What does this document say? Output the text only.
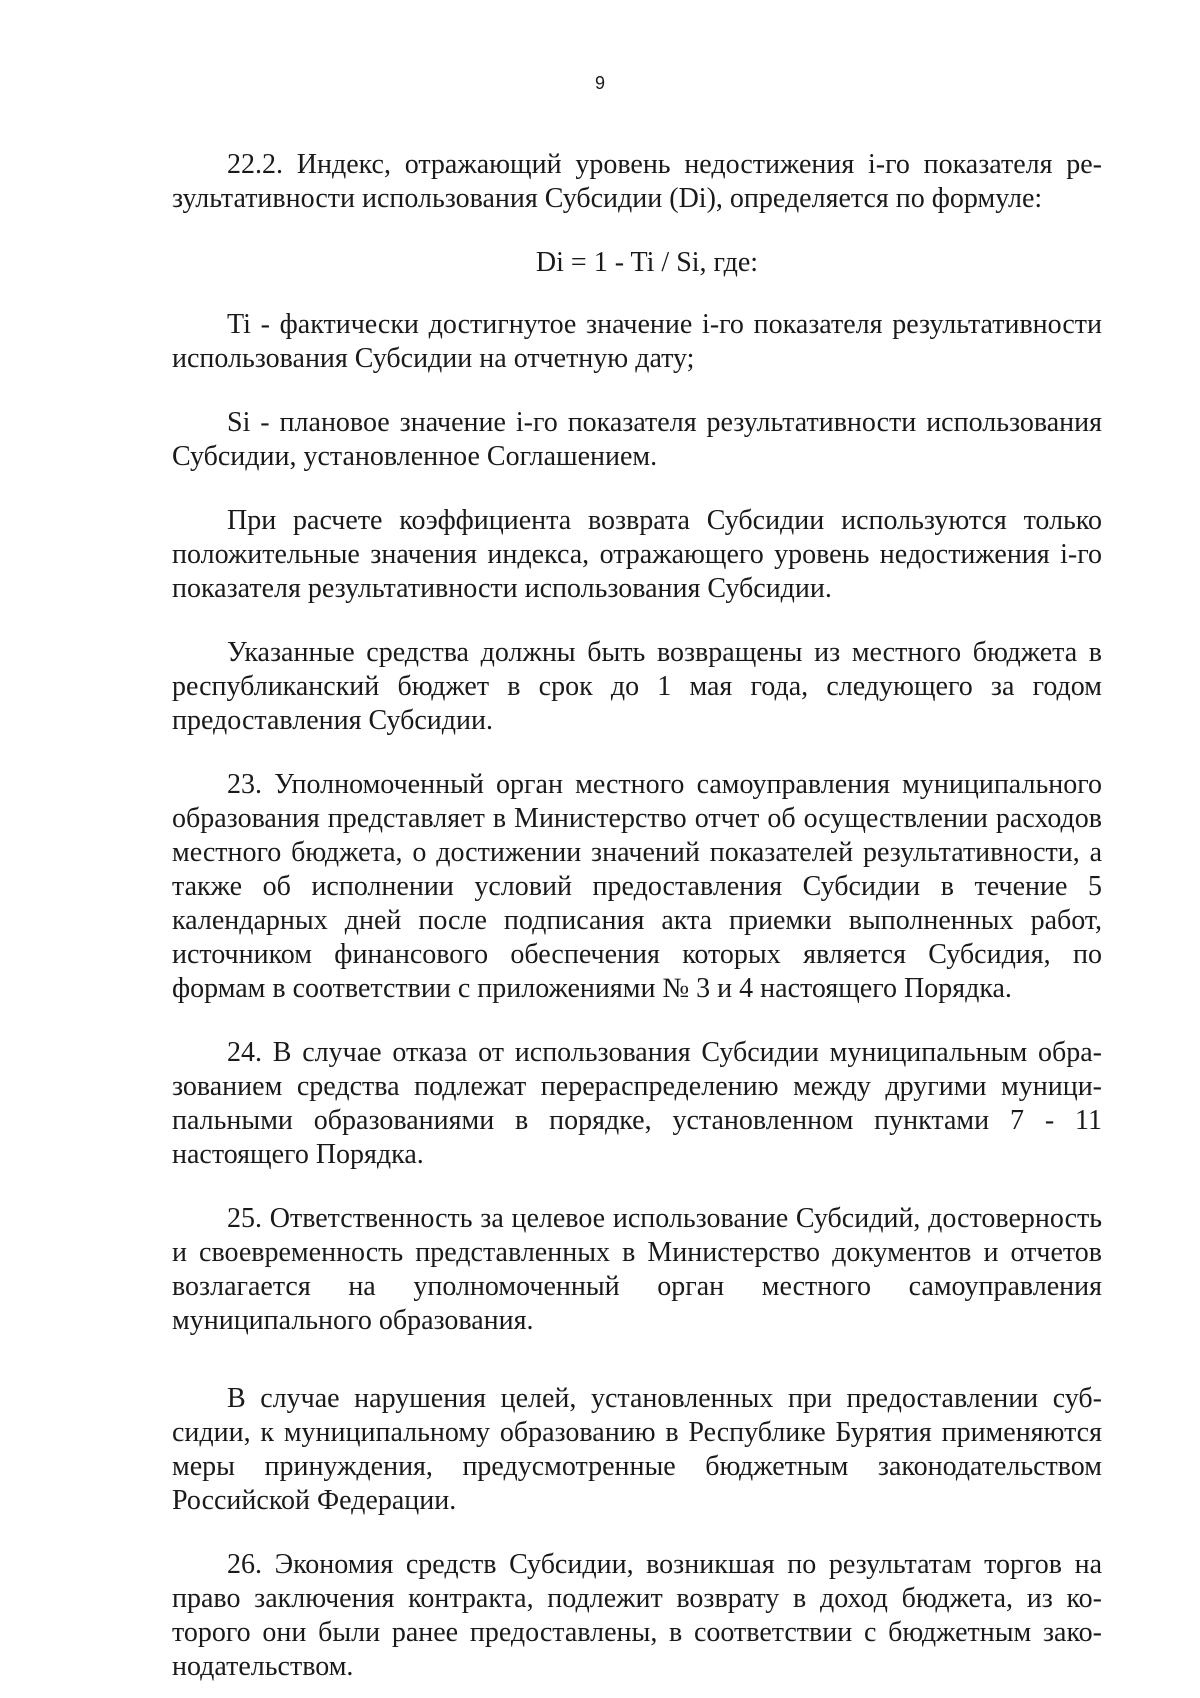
9

22.2. Индекс, отражающий уровень недостижения i-го показателя результативности использования Субсидии (Di), определяется по формуле:

Di = 1 - Ti / Si, где:

Ti - фактически достигнутое значение i-го показателя результативности использования Субсидии на отчетную дату;

Si - плановое значение i-го показателя результативности использования Субсидии, установленное Соглашением.

При расчете коэффициента возврата Субсидии используются только положительные значения индекса, отражающего уровень недостижения i-го показателя результативности использования Субсидии.

Указанные средства должны быть возвращены из местного бюджета в республиканский бюджет в срок до 1 мая года, следующего за годом предоставления Субсидии.

23. Уполномоченный орган местного самоуправления муниципального образования представляет в Министерство отчет об осуществлении расходов местного бюджета, о достижении значений показателей результативности, а также об исполнении условий предоставления Субсидии в течение 5 календарных дней после подписания акта приемки выполненных работ, источником финансового обеспечения которых является Субсидия, по формам в соответствии с приложениями № 3 и 4 настоящего Порядка.

24. В случае отказа от использования Субсидии муниципальным образованием средства подлежат перераспределению между другими муниципальными образованиями в порядке, установленном пунктами 7 - 11 настоящего Порядка.

25. Ответственность за целевое использование Субсидий, достоверность и своевременность представленных в Министерство документов и отчетов возлагается на уполномоченный орган местного самоуправления муниципального образования.

В случае нарушения целей, установленных при предоставлении субсидии, к муниципальному образованию в Республике Бурятия применяются меры принуждения, предусмотренные бюджетным законодательством Российской Федерации.

26. Экономия средств Субсидии, возникшая по результатам торгов на право заключения контракта, подлежит возврату в доход бюджета, из которого они были ранее предоставлены, в соответствии с бюджетным законодательством.
